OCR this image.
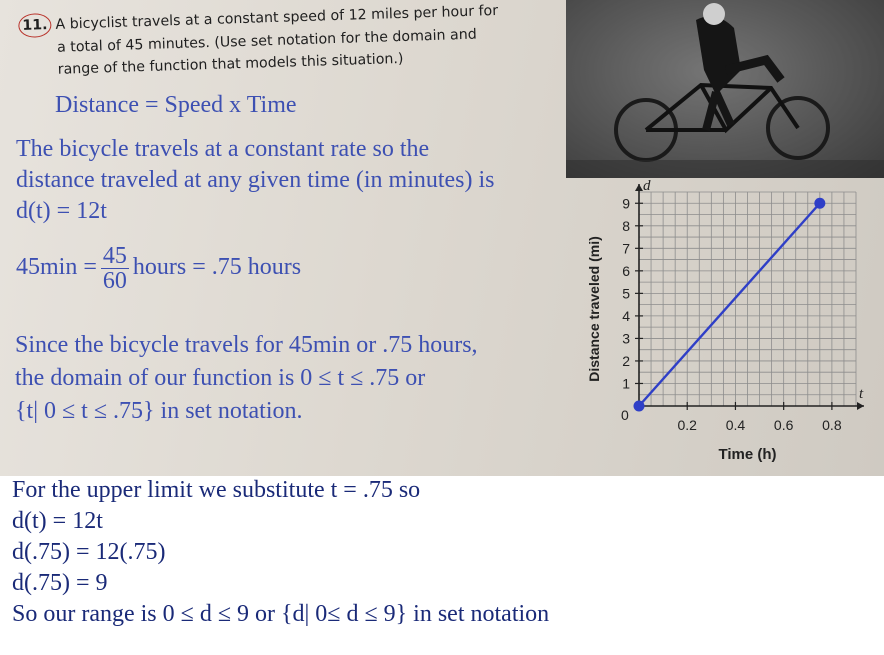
11. A bicyclist travels at a constant speed of 12 miles per hour for
a total of 45 minutes. (Use set notation for the domain and
range of the function that models this situation.)
Distance = Speed x Time
The bicycle travels at a constant rate so the
distance traveled at any given time (in minutes) is
d(t) = 12t
$45\min = \frac{45}{60}$ hours = .75 hours
Since the bicycle travels for 45min or .75 hours,
the domain of our function is 0 ≤ t ≤ .75 or
{t| 0 ≤ t ≤ .75} in set notation.
1
2
3
4
5
6
7
8
9
0.2 0.4 0.6 0.8
t
d
0
Time (h)
Distance traveled (mi)
For the upper limit we substitute t = .75 so
d(t) = 12t
d(.75) = 12(.75)
d(.75) = 9
So our range is 0 ≤ d ≤ 9 or {d| 0≤ d ≤ 9} in set notation
